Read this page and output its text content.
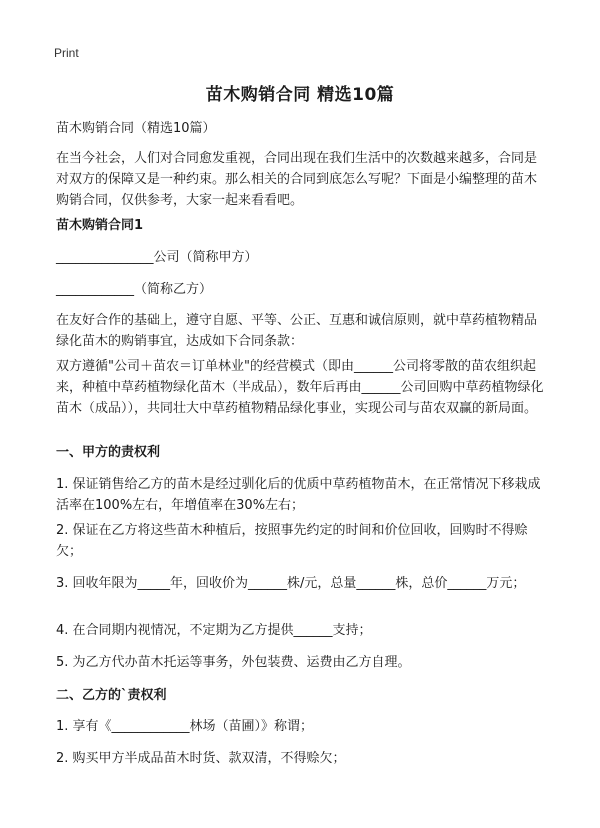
Print
苗木购销合同 精选10篇

苗木购销合同（精选10篇）

在当今社会，人们对合同愈发重视，合同出现在我们生活中的次数越来越多，合同是对双方的保障又是一种约束。那么相关的合同到底怎么写呢？下面是小编整理的苗木购销合同，仅供参考，大家一起来看看吧。

苗木购销合同1

_______________公司（简称甲方）

____________（简称乙方）

在友好合作的基础上，遵守自愿、平等、公正、互惠和诚信原则，就中草药植物精品绿化苗木的购销事宜，达成如下合同条款：

双方遵循"公司＋苗农＝订单林业"的经营模式（即由______公司将零散的苗农组织起来，种植中草药植物绿化苗木（半成品），数年后再由______公司回购中草药植物绿化苗木（成品）），共同壮大中草药植物精品绿化事业，实现公司与苗农双赢的新局面。

一、甲方的责权利

1. 保证销售给乙方的苗木是经过驯化后的优质中草药植物苗木，在正常情况下移栽成活率在100%左右，年增值率在30%左右；

2. 保证在乙方将这些苗木种植后，按照事先约定的时间和价位回收，回购时不得赊欠；

3. 回收年限为_____年，回收价为______株/元，总量______株，总价______万元；

4. 在合同期内视情况，不定期为乙方提供______支持；

5. 为乙方代办苗木托运等事务，外包装费、运费由乙方自理。

二、乙方的`责权利

1. 享有《____________林场（苗圃）》称谓；

2. 购买甲方半成品苗木时货、款双清，不得赊欠；
